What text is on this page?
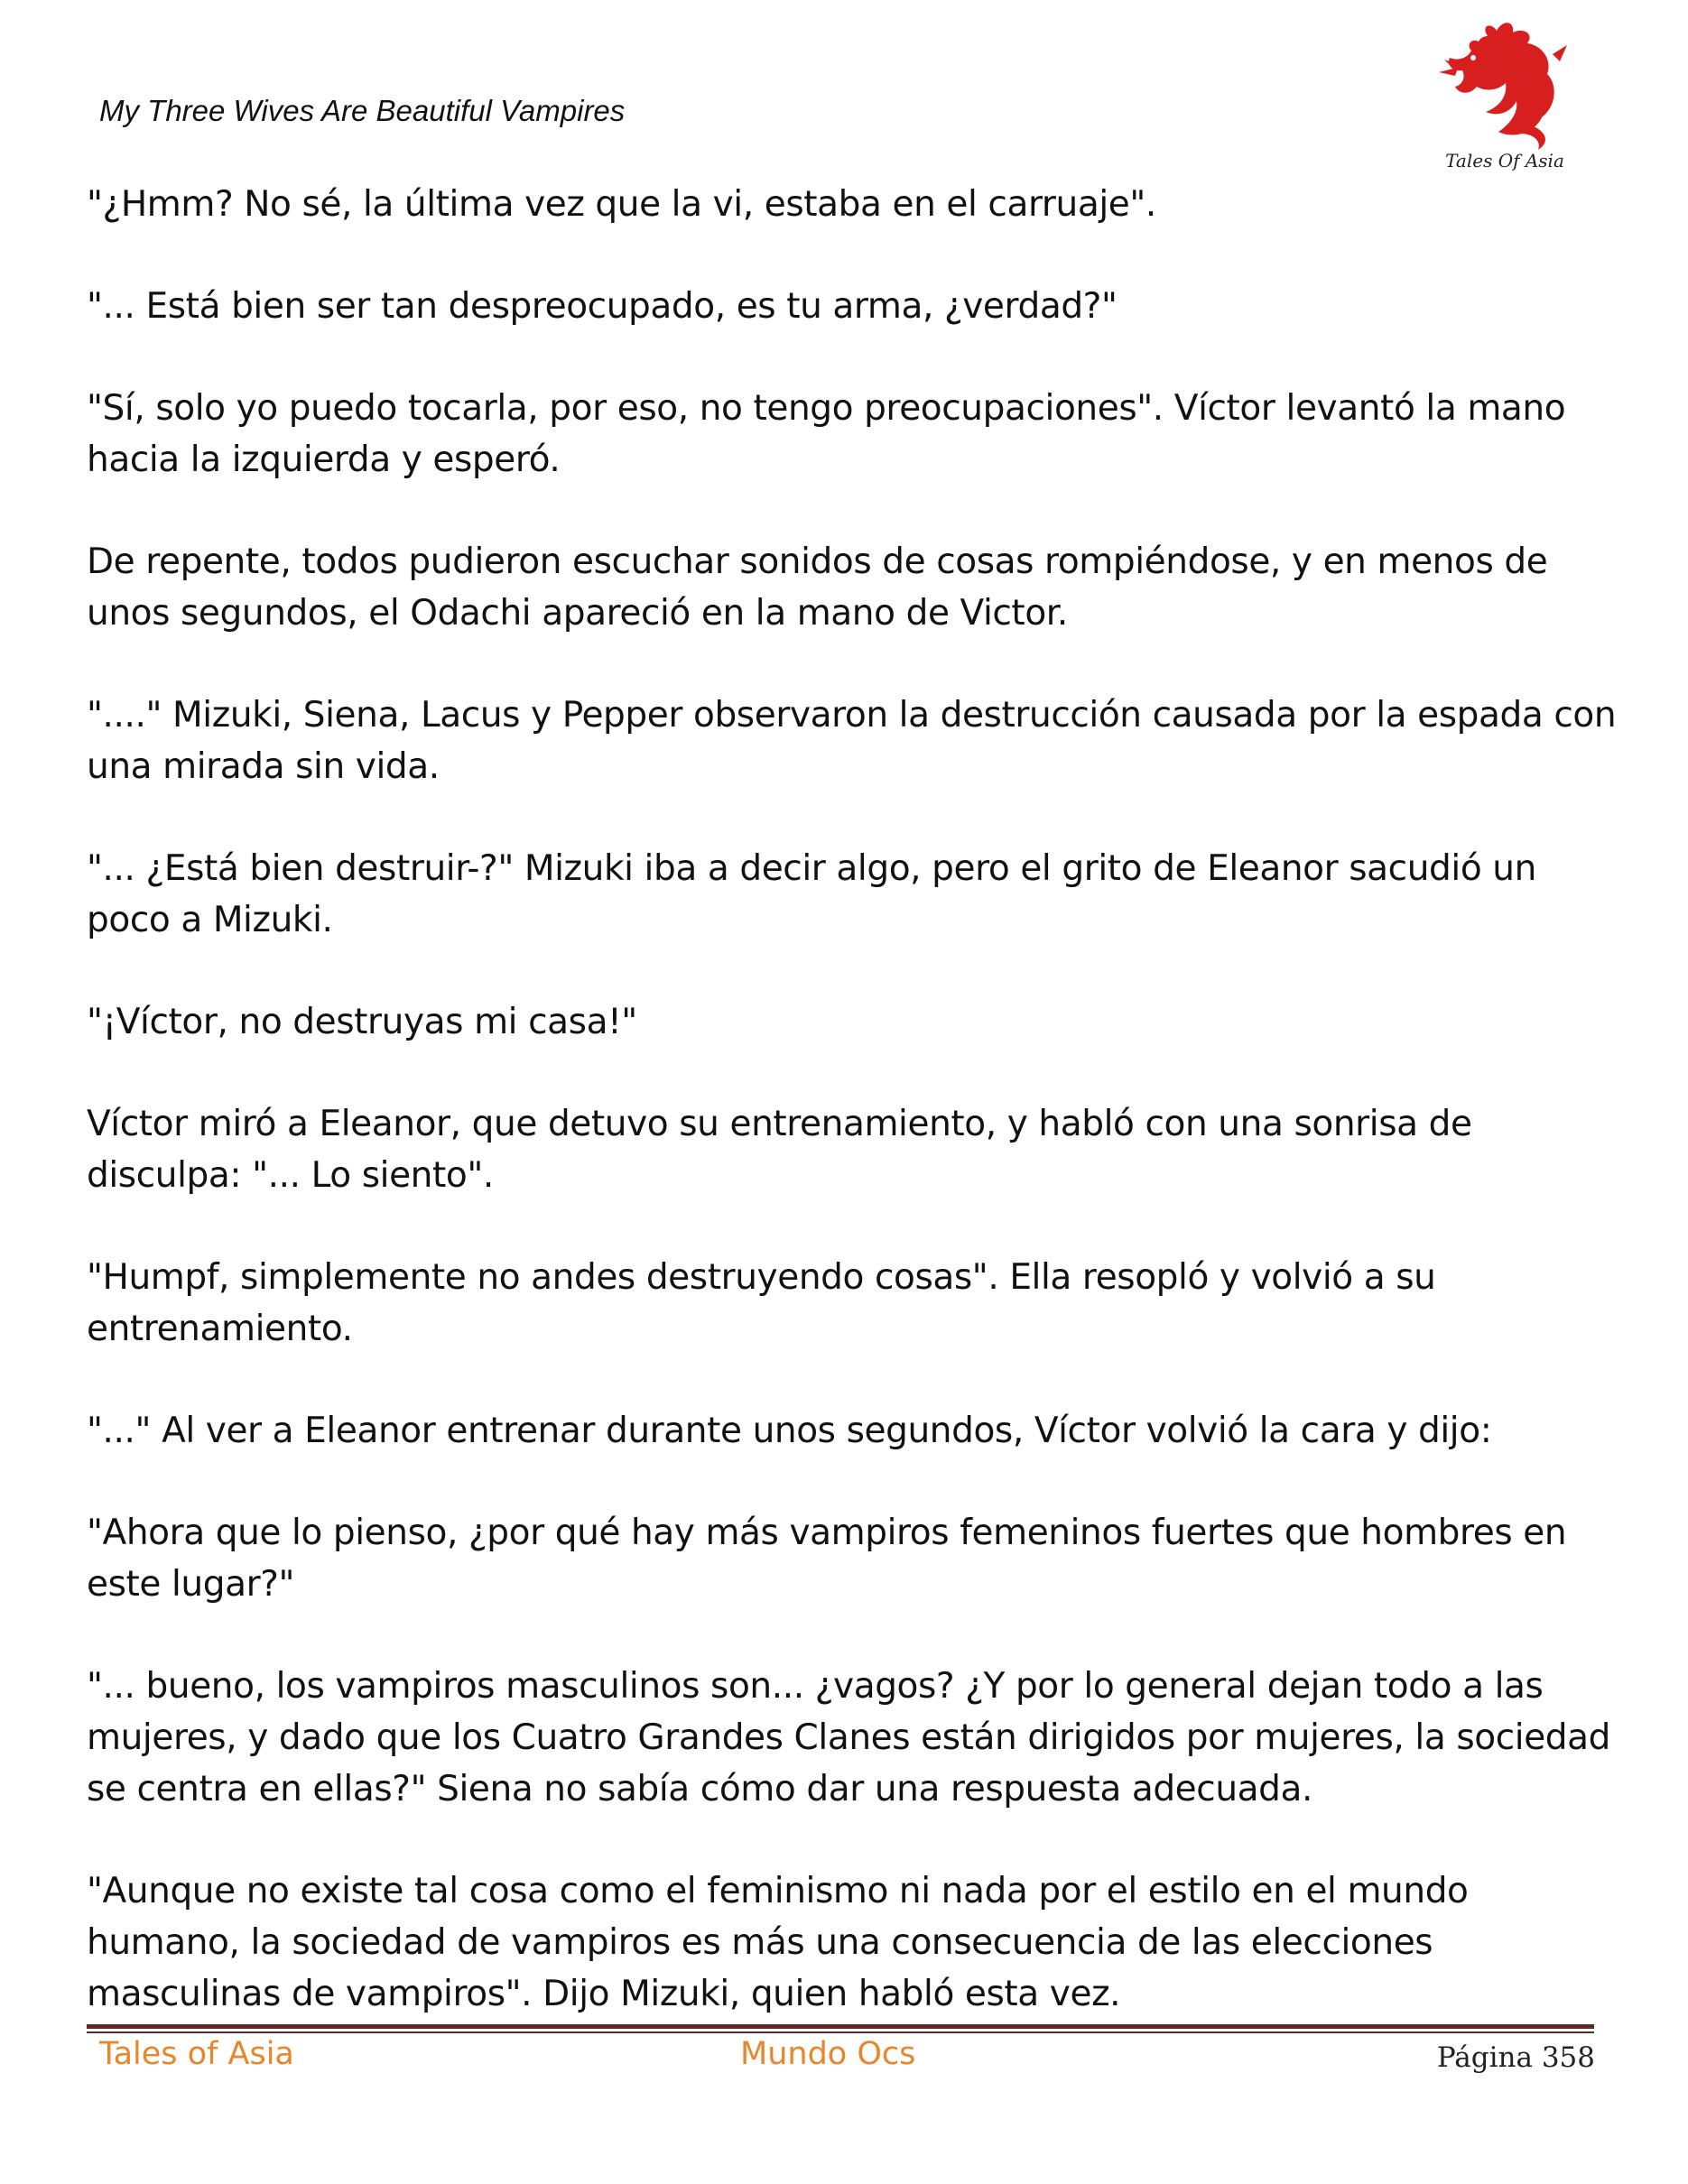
My Three Wives Are Beautiful Vampires
Tales Of Asia

"¿Hmm? No sé, la última vez que la vi, estaba en el carruaje".

"... Está bien ser tan despreocupado, es tu arma, ¿verdad?"

"Sí, solo yo puedo tocarla, por eso, no tengo preocupaciones". Víctor levantó la mano hacia la izquierda y esperó.

De repente, todos pudieron escuchar sonidos de cosas rompiéndose, y en menos de unos segundos, el Odachi apareció en la mano de Victor.

"...." Mizuki, Siena, Lacus y Pepper observaron la destrucción causada por la espada con una mirada sin vida.

"... ¿Está bien destruir-?" Mizuki iba a decir algo, pero el grito de Eleanor sacudió un poco a Mizuki.

"¡Víctor, no destruyas mi casa!"

Víctor miró a Eleanor, que detuvo su entrenamiento, y habló con una sonrisa de disculpa: "... Lo siento".

"Humpf, simplemente no andes destruyendo cosas". Ella resopló y volvió a su entrenamiento.

"..." Al ver a Eleanor entrenar durante unos segundos, Víctor volvió la cara y dijo:

"Ahora que lo pienso, ¿por qué hay más vampiros femeninos fuertes que hombres en este lugar?"

"... bueno, los vampiros masculinos son... ¿vagos? ¿Y por lo general dejan todo a las mujeres, y dado que los Cuatro Grandes Clanes están dirigidos por mujeres, la sociedad se centra en ellas?" Siena no sabía cómo dar una respuesta adecuada.

"Aunque no existe tal cosa como el feminismo ni nada por el estilo en el mundo humano, la sociedad de vampiros es más una consecuencia de las elecciones masculinas de vampiros". Dijo Mizuki, quien habló esta vez.

Tales of Asia	Mundo Ocs	Página 358
